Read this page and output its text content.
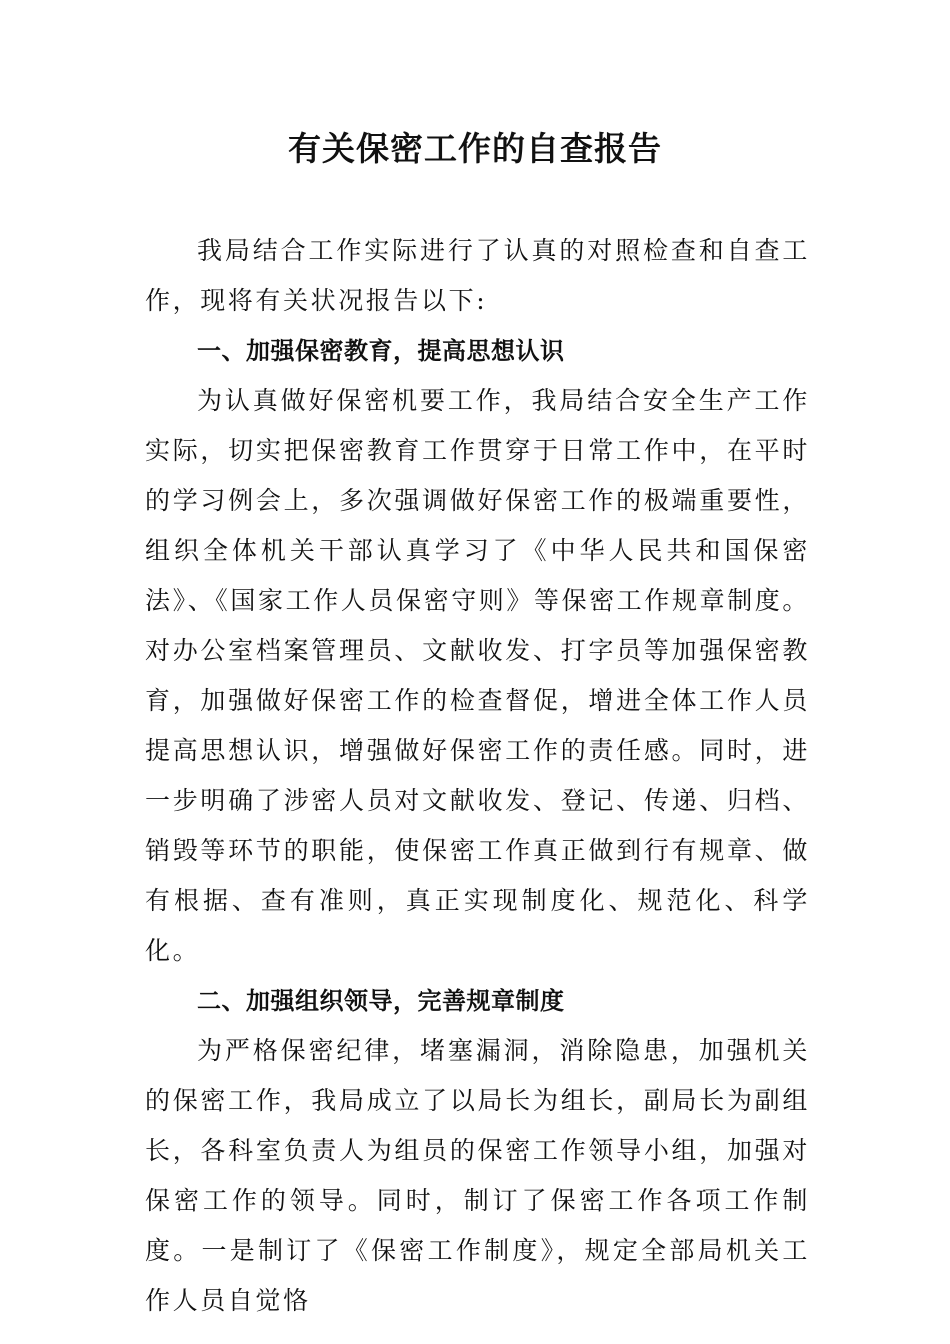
有关保密工作的自查报告

我局结合工作实际进行了认真的对照检查和自查工作，现将有关状况报告以下:

一、加强保密教育，提高思想认识

为认真做好保密机要工作，我局结合安全生产工作实际，切实把保密教育工作贯穿于日常工作中，在平时的学习例会上，多次强调做好保密工作的极端重要性，组织全体机关干部认真学习了《中华人民共和国保密法》、《国家工作人员保密守则》等保密工作规章制度。对办公室档案管理员、文献收发、打字员等加强保密教育，加强做好保密工作的检查督促，增进全体工作人员提高思想认识，增强做好保密工作的责任感。同时，进一步明确了涉密人员对文献收发、登记、传递、归档、销毁等环节的职能，使保密工作真正做到行有规章、做有根据、查有准则，真正实现制度化、规范化、科学化。

二、加强组织领导，完善规章制度

为严格保密纪律，堵塞漏洞，消除隐患，加强机关的保密工作，我局成立了以局长为组长，副局长为副组长，各科室负责人为组员的保密工作领导小组，加强对保密工作的领导。同时，制订了保密工作各项工作制度。一是制订了《保密工作制度》，规定全部局机关工作人员自觉恪
